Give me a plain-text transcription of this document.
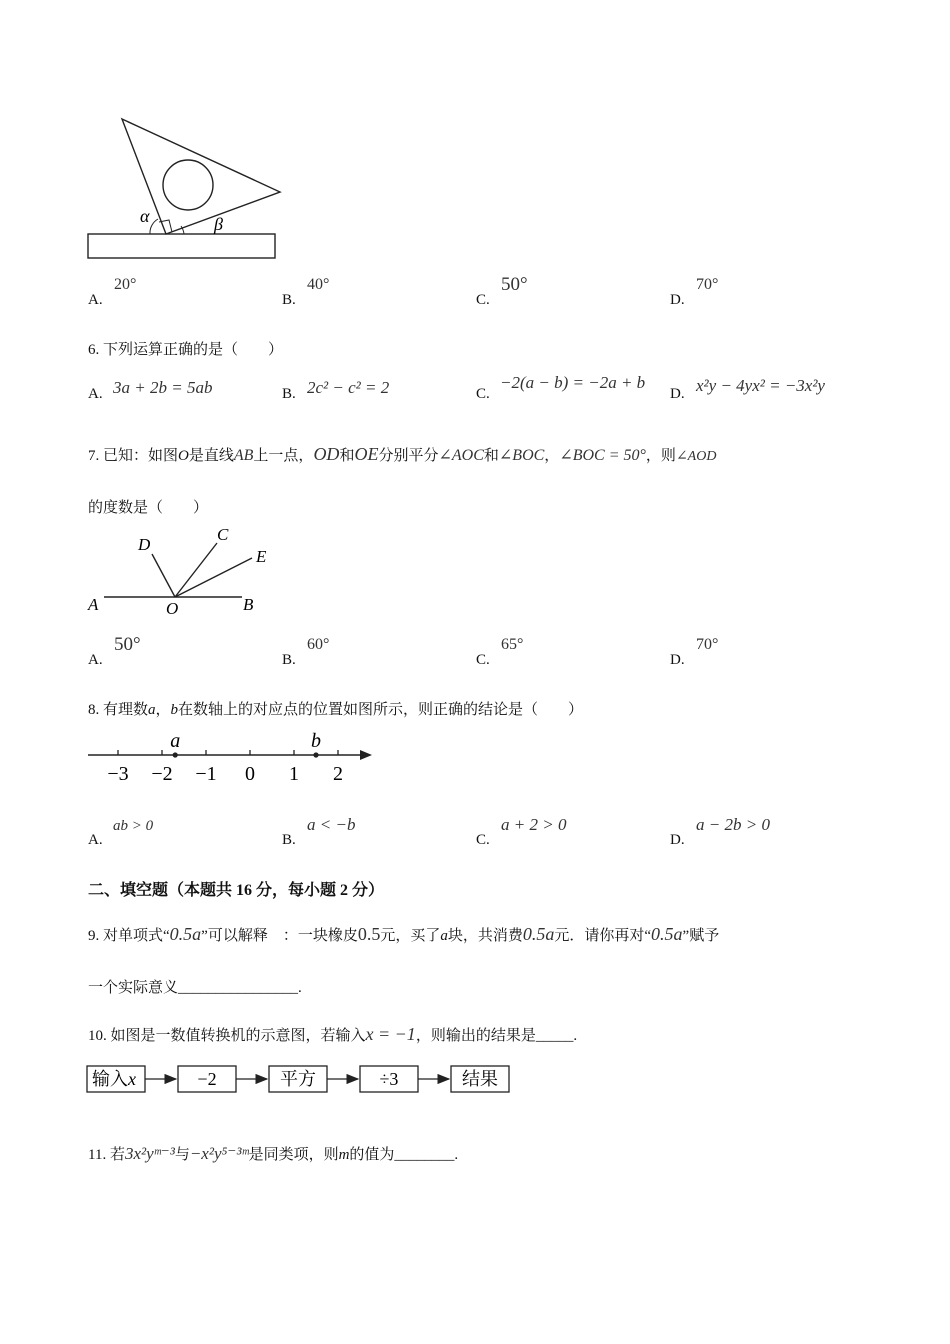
α	β
A.
20°
B.
40°
C.
50°
D.
70°
6. 下列运算正确的是（　　）
A. 3a + 2b = 5ab	B. 2c² − c² = 2	C.
−2(a − b) = −2a + b
D. x²y − 4yx² = −3x²y
7. 已知：如图O是直线AB上一点，OD和OE分别平分∠AOC和∠BOC，∠BOC = 50°，则∠AOD
的度数是（　　）
A	O	B
D
C
E
A.
50°
B.
60°
C.
65°
D.
70°
8. 有理数a，b在数轴上的对应点的位置如图所示，则正确的结论是（　　）
−3 −2 −1 0 1 2
a	b
A.
ab > 0
B.
a < −b
C.
a + 2 > 0
D.
a − 2b > 0
二、填空题（本题共 16 分，每小题 2 分）
9. 对单项式“0.5a”可以解释　：一块橡皮0.5元，买了a块，共消费0.5a元．请你再对“0.5a”赋予
一个实际意义________________.
10. 如图是一数值转换机的示意图，若输入x = −1，则输出的结果是_____.
输入x	−2	平方	÷3	结果
11. 若3x²yᵐ⁻³与−x²y⁵⁻³ᵐ是同类项，则m的值为________.
